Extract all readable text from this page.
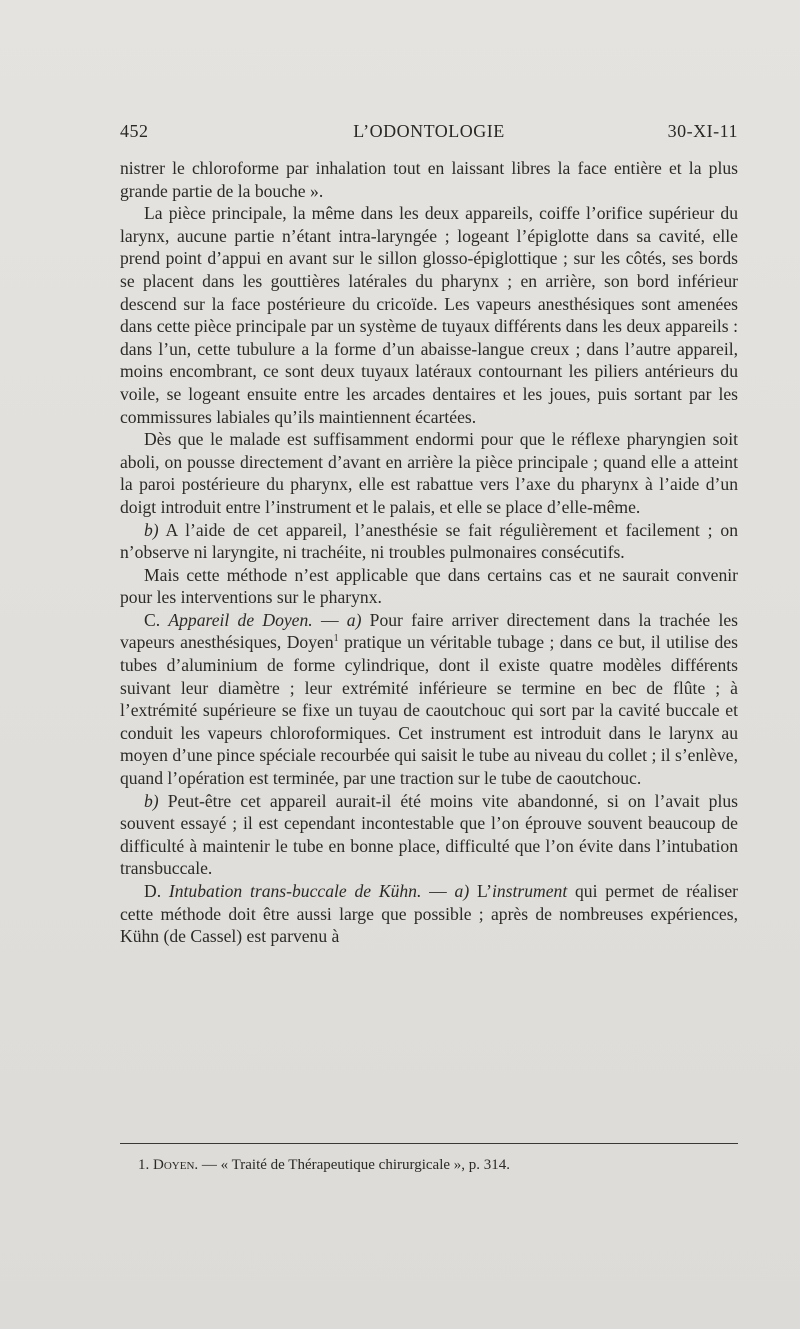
452	L’ODONTOLOGIE	30-XI-11

nistrer le chloroforme par inhalation tout en laissant libres la face entière et la plus grande partie de la bouche ».

La pièce principale, la même dans les deux appareils, coiffe l’orifice supérieur du larynx, aucune partie n’étant intra-laryngée ; logeant l’épiglotte dans sa cavité, elle prend point d’appui en avant sur le sillon glosso-épiglottique ; sur les côtés, ses bords se placent dans les gouttières latérales du pharynx ; en arrière, son bord inférieur descend sur la face postérieure du cricoïde. Les vapeurs anesthésiques sont amenées dans cette pièce principale par un système de tuyaux différents dans les deux appareils : dans l’un, cette tubulure a la forme d’un abaisse-langue creux ; dans l’autre appareil, moins encombrant, ce sont deux tuyaux latéraux contournant les piliers antérieurs du voile, se logeant ensuite entre les arcades dentaires et les joues, puis sortant par les commissures labiales qu’ils maintiennent écartées.

Dès que le malade est suffisamment endormi pour que le réflexe pharyngien soit aboli, on pousse directement d’avant en arrière la pièce principale ; quand elle a atteint la paroi postérieure du pharynx, elle est rabattue vers l’axe du pharynx à l’aide d’un doigt introduit entre l’instrument et le palais, et elle se place d’elle-même.

b) A l’aide de cet appareil, l’anesthésie se fait régulièrement et facilement ; on n’observe ni laryngite, ni trachéite, ni troubles pulmonaires consécutifs.

Mais cette méthode n’est applicable que dans certains cas et ne saurait convenir pour les interventions sur le pharynx.

C. Appareil de Doyen. — a) Pour faire arriver directement dans la trachée les vapeurs anesthésiques, Doyen$^1$ pratique un véritable tubage ; dans ce but, il utilise des tubes d’aluminium de forme cylindrique, dont il existe quatre modèles différents suivant leur diamètre ; leur extrémité inférieure se termine en bec de flûte ; à l’extrémité supérieure se fixe un tuyau de caoutchouc qui sort par la cavité buccale et conduit les vapeurs chloroformiques. Cet instrument est introduit dans le larynx au moyen d’une pince spéciale recourbée qui saisit le tube au niveau du collet ; il s’enlève, quand l’opération est terminée, par une traction sur le tube de caoutchouc.

b) Peut-être cet appareil aurait-il été moins vite abandonné, si on l’avait plus souvent essayé ; il est cependant incontestable que l’on éprouve souvent beaucoup de difficulté à maintenir le tube en bonne place, difficulté que l’on évite dans l’intubation transbuccale.

D. Intubation trans-buccale de Kühn. — a) L’instrument qui permet de réaliser cette méthode doit être aussi large que possible ; après de nombreuses expériences, Kühn (de Cassel) est parvenu à

1. Doyen. — « Traité de Thérapeutique chirurgicale », p. 314.
